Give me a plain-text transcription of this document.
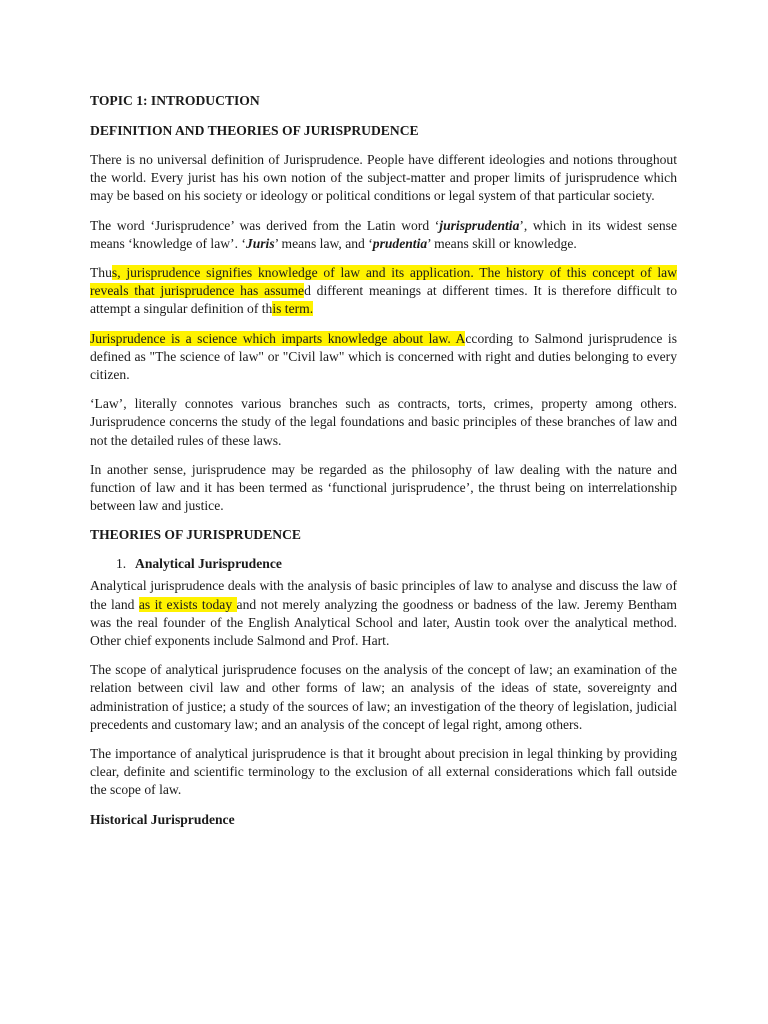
TOPIC 1: INTRODUCTION
DEFINITION AND THEORIES OF JURISPRUDENCE

There is no universal definition of Jurisprudence. People have different ideologies and notions throughout the world. Every jurist has his own notion of the subject-matter and proper limits of jurisprudence which may be based on his society or ideology or political conditions or legal system of that particular society.

The word ‘Jurisprudence’ was derived from the Latin word ‘jurisprudentia’, which in its widest sense means ‘knowledge of law’. ‘Juris’ means law, and ‘prudentia’ means skill or knowledge.

Thus, jurisprudence signifies knowledge of law and its application. The history of this concept of law reveals that jurisprudence has assumed different meanings at different times. It is therefore difficult to attempt a singular definition of this term.

Jurisprudence is a science which imparts knowledge about law. According to Salmond jurisprudence is defined as "The science of law" or "Civil law" which is concerned with right and duties belonging to every citizen.

‘Law’, literally connotes various branches such as contracts, torts, crimes, property among others. Jurisprudence concerns the study of the legal foundations and basic principles of these branches of law and not the detailed rules of these laws.

In another sense, jurisprudence may be regarded as the philosophy of law dealing with the nature and function of law and it has been termed as ‘functional jurisprudence’, the thrust being on interrelationship between law and justice.

THEORIES OF JURISPRUDENCE
1. Analytical Jurisprudence

Analytical jurisprudence deals with the analysis of basic principles of law to analyse and discuss the law of the land as it exists today and not merely analyzing the goodness or badness of the law. Jeremy Bentham was the real founder of the English Analytical School and later, Austin took over the analytical method. Other chief exponents include Salmond and Prof. Hart.

The scope of analytical jurisprudence focuses on the analysis of the concept of law; an examination of the relation between civil law and other forms of law; an analysis of the ideas of state, sovereignty and administration of justice; a study of the sources of law; an investigation of the theory of legislation, judicial precedents and customary law; and an analysis of the concept of legal right, among others.

The importance of analytical jurisprudence is that it brought about precision in legal thinking by providing clear, definite and scientific terminology to the exclusion of all external considerations which fall outside the scope of law.

Historical Jurisprudence
